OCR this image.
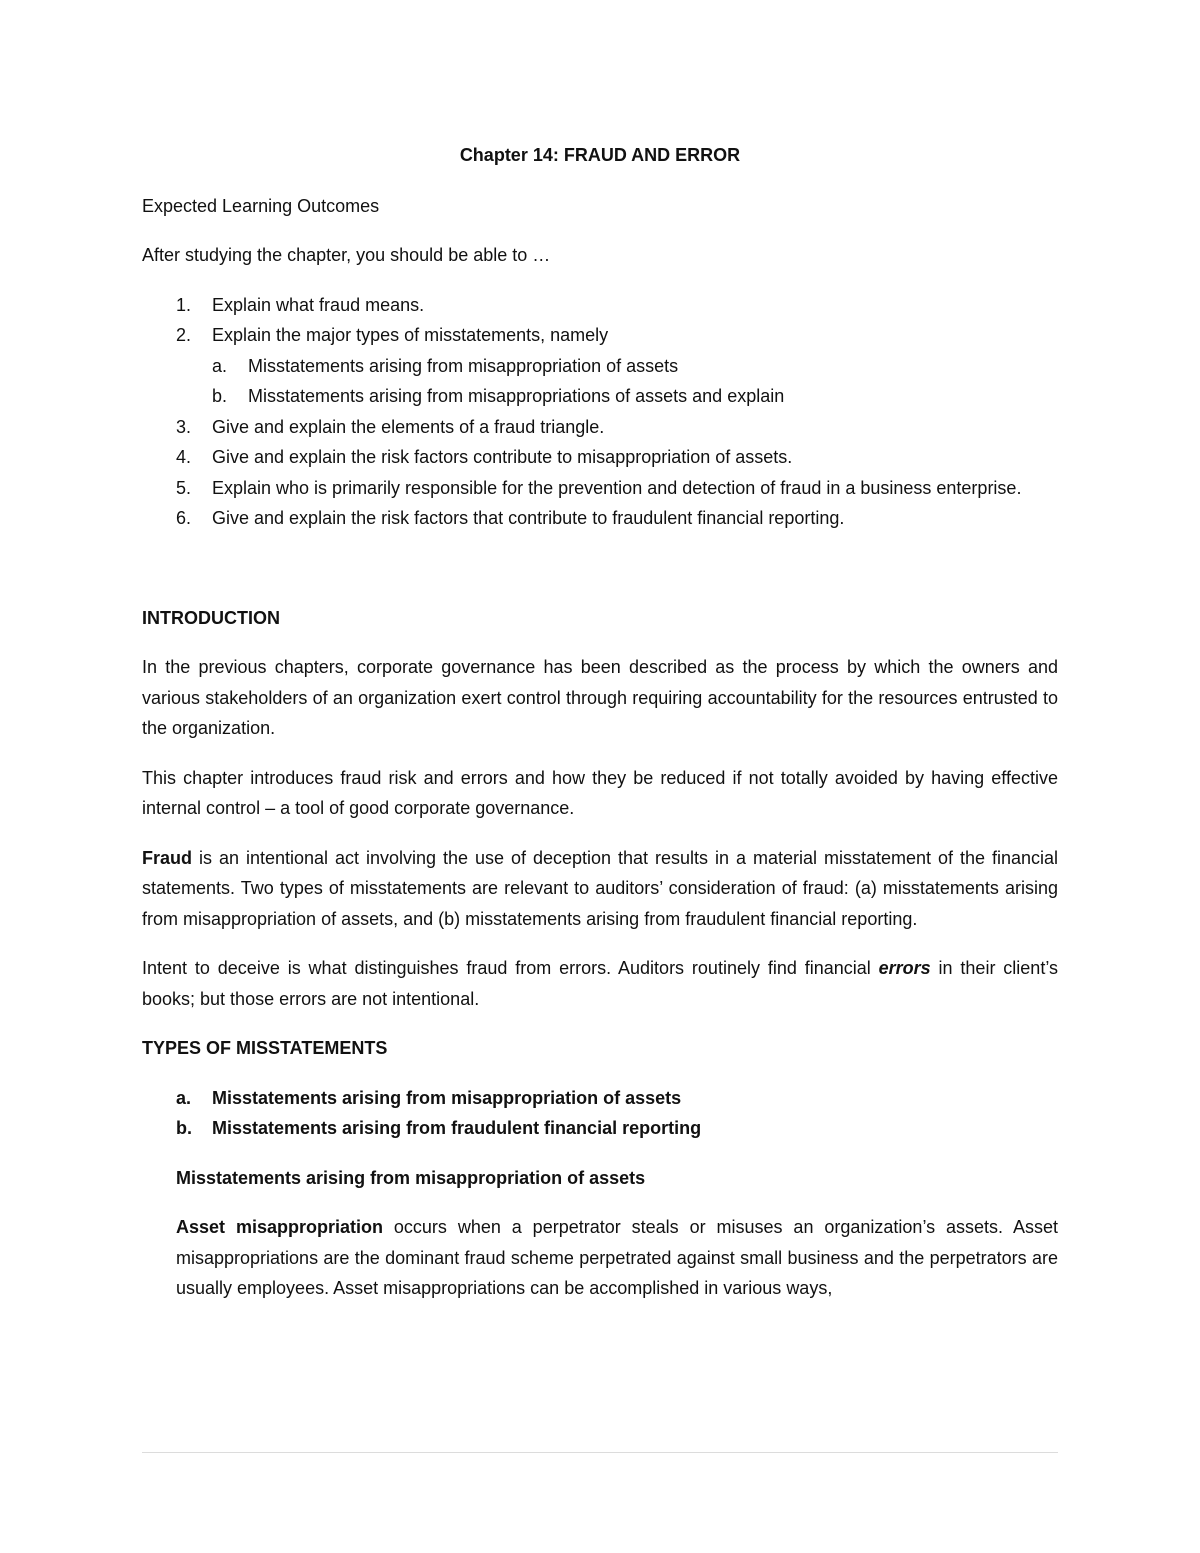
Chapter 14: FRAUD AND ERROR

Expected Learning Outcomes

After studying the chapter, you should be able to …

1. Explain what fraud means.
2. Explain the major types of misstatements, namely
a. Misstatements arising from misappropriation of assets
b. Misstatements arising from misappropriations of assets and explain
3. Give and explain the elements of a fraud triangle.
4. Give and explain the risk factors contribute to misappropriation of assets.
5. Explain who is primarily responsible for the prevention and detection of fraud in a business enterprise.
6. Give and explain the risk factors that contribute to fraudulent financial reporting.
INTRODUCTION

In the previous chapters, corporate governance has been described as the process by which the owners and various stakeholders of an organization exert control through requiring accountability for the resources entrusted to the organization.

This chapter introduces fraud risk and errors and how they be reduced if not totally avoided by having effective internal control – a tool of good corporate governance.

Fraud is an intentional act involving the use of deception that results in a material misstatement of the financial statements. Two types of misstatements are relevant to auditors’ consideration of fraud: (a) misstatements arising from misappropriation of assets, and (b) misstatements arising from fraudulent financial reporting.

Intent to deceive is what distinguishes fraud from errors. Auditors routinely find financial errors in their client’s books; but those errors are not intentional.

TYPES OF MISSTATEMENTS
a. Misstatements arising from misappropriation of assets
b. Misstatements arising from fraudulent financial reporting
Misstatements arising from misappropriation of assets

Asset misappropriation occurs when a perpetrator steals or misuses an organization’s assets. Asset misappropriations are the dominant fraud scheme perpetrated against small business and the perpetrators are usually employees. Asset misappropriations can be accomplished in various ways,
